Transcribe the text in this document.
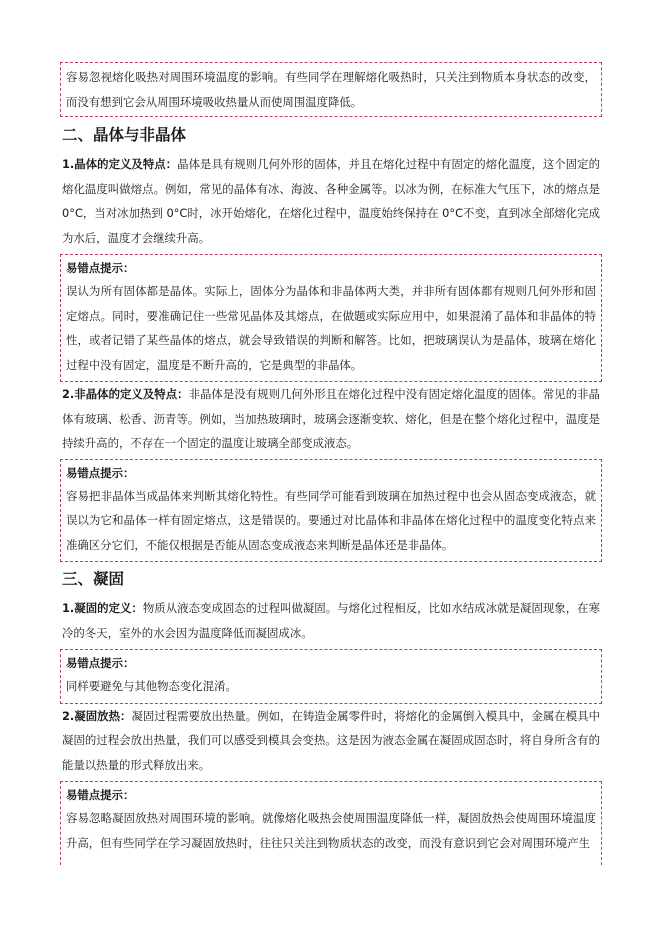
容易忽视熔化吸热对周围环境温度的影响。有些同学在理解熔化吸热时，只关注到物质本身状态的改变，而没有想到它会从周围环境吸收热量从而使周围温度降低。

二、晶体与非晶体

1.晶体的定义及特点：晶体是具有规则几何外形的固体，并且在熔化过程中有固定的熔化温度，这个固定的熔化温度叫做熔点。例如，常见的晶体有冰、海波、各种金属等。以冰为例，在标准大气压下，冰的熔点是 0°C，当对冰加热到 0°C时，冰开始熔化，在熔化过程中，温度始终保持在 0°C不变，直到冰全部熔化完成为水后，温度才会继续升高。

易错点提示：

误认为所有固体都是晶体。实际上，固体分为晶体和非晶体两大类，并非所有固体都有规则几何外形和固定熔点。同时，要准确记住一些常见晶体及其熔点，在做题或实际应用中，如果混淆了晶体和非晶体的特性，或者记错了某些晶体的熔点，就会导致错误的判断和解答。比如，把玻璃误认为是晶体，玻璃在熔化过程中没有固定，温度是不断升高的，它是典型的非晶体。

2.非晶体的定义及特点：非晶体是没有规则几何外形且在熔化过程中没有固定熔化温度的固体。常见的非晶体有玻璃、松香、沥青等。例如，当加热玻璃时，玻璃会逐渐变软、熔化，但是在整个熔化过程中，温度是持续升高的，不存在一个固定的温度让玻璃全部变成液态。

易错点提示：

容易把非晶体当成晶体来判断其熔化特性。有些同学可能看到玻璃在加热过程中也会从固态变成液态，就误以为它和晶体一样有固定熔点，这是错误的。要通过对比晶体和非晶体在熔化过程中的温度变化特点来准确区分它们，不能仅根据是否能从固态变成液态来判断是晶体还是非晶体。

三、凝固

1.凝固的定义：物质从液态变成固态的过程叫做凝固。与熔化过程相反，比如水结成冰就是凝固现象，在寒冷的冬天，室外的水会因为温度降低而凝固成冰。

易错点提示：

同样要避免与其他物态变化混淆。

2.凝固放热：凝固过程需要放出热量。例如，在铸造金属零件时，将熔化的金属倒入模具中，金属在模具中凝固的过程会放出热量，我们可以感受到模具会变热。这是因为液态金属在凝固成固态时，将自身所含有的能量以热量的形式释放出来。

易错点提示：

容易忽略凝固放热对周围环境的影响。就像熔化吸热会使周围温度降低一样，凝固放热会使周围环境温度升高，但有些同学在学习凝固放热时，往往只关注到物质状态的改变，而没有意识到它会对周围环境产生
